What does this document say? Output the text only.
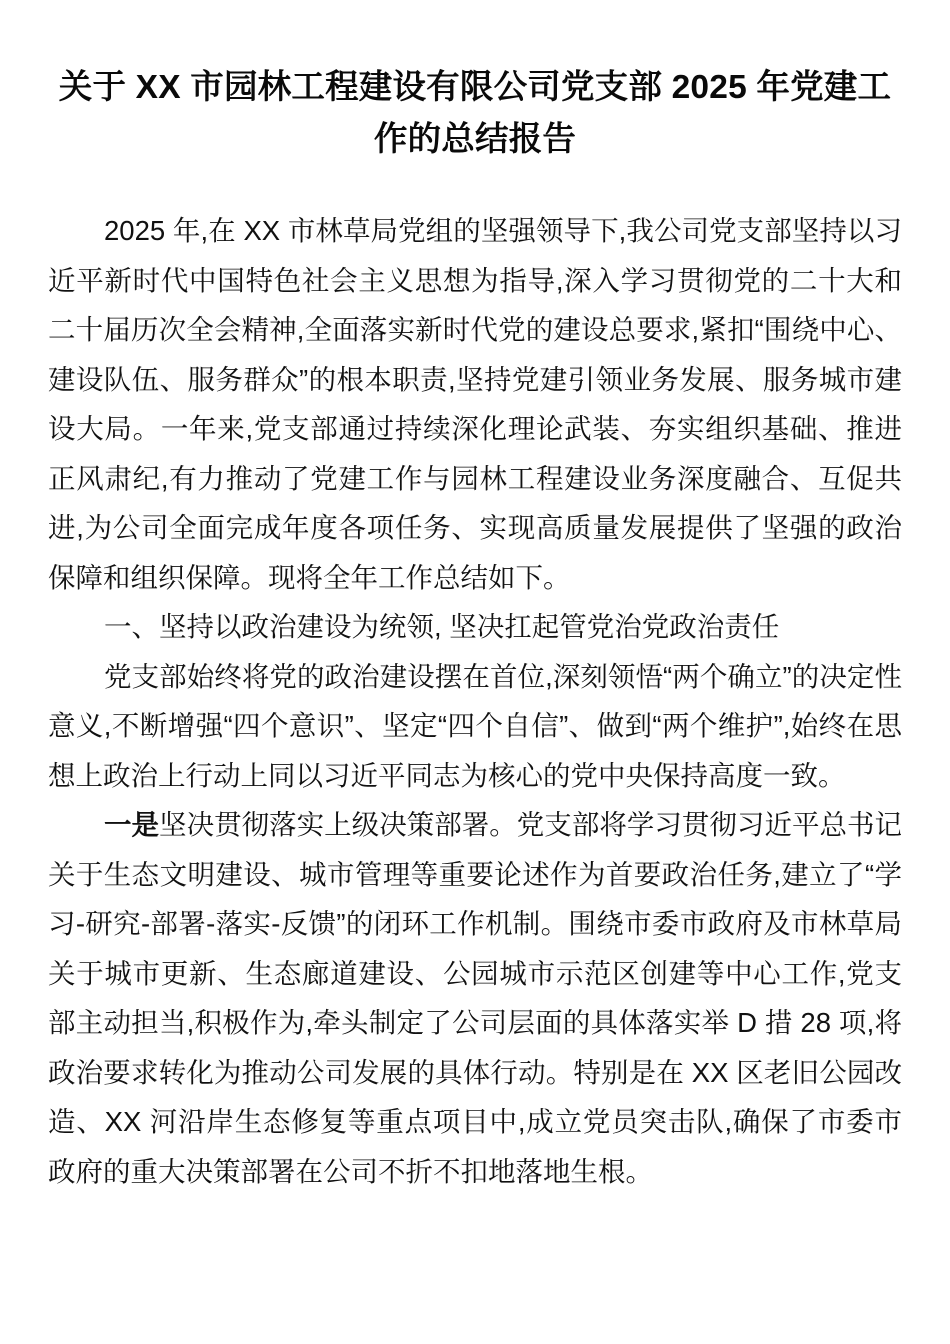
关于 XX 市园林工程建设有限公司党支部 2025 年党建工作的总结报告

2025 年,在 XX 市林草局党组的坚强领导下,我公司党支部坚持以习近平新时代中国特色社会主义思想为指导,深入学习贯彻党的二十大和二十届历次全会精神,全面落实新时代党的建设总要求,紧扣“围绕中心、建设队伍、服务群众”的根本职责,坚持党建引领业务发展、服务城市建设大局。一年来,党支部通过持续深化理论武装、夯实组织基础、推进正风肃纪,有力推动了党建工作与园林工程建设业务深度融合、互促共进,为公司全面完成年度各项任务、实现高质量发展提供了坚强的政治保障和组织保障。现将全年工作总结如下。

一、坚持以政治建设为统领, 坚决扛起管党治党政治责任

党支部始终将党的政治建设摆在首位,深刻领悟“两个确立”的决定性意义,不断增强“四个意识”、坚定“四个自信”、做到“两个维护”,始终在思想上政治上行动上同以习近平同志为核心的党中央保持高度一致。

一是坚决贯彻落实上级决策部署。党支部将学习贯彻习近平总书记关于生态文明建设、城市管理等重要论述作为首要政治任务,建立了“学习-研究-部署-落实-反馈”的闭环工作机制。围绕市委市政府及市林草局关于城市更新、生态廊道建设、公园城市示范区创建等中心工作,党支部主动担当,积极作为,牵头制定了公司层面的具体落实举 D 措 28 项,将政治要求转化为推动公司发展的具体行动。特别是在 XX 区老旧公园改造、XX 河沿岸生态修复等重点项目中,成立党员突击队,确保了市委市政府的重大决策部署在公司不折不扣地落地生根。
